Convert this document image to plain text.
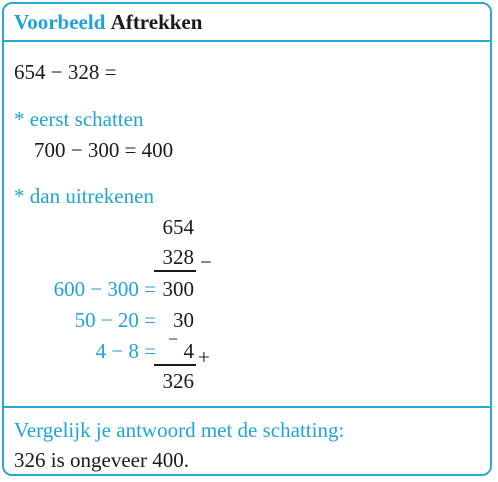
Voorbeeld Aftrekken
654 − 328 =
* eerst schatten
700 − 300 = 400
* dan uitrekenen
654
328 −
600 − 300 = 300
50 − 20 = 30
4 − 8 =	4
−
+
326
Vergelijk je antwoord met de schatting:
326 is ongeveer 400.
